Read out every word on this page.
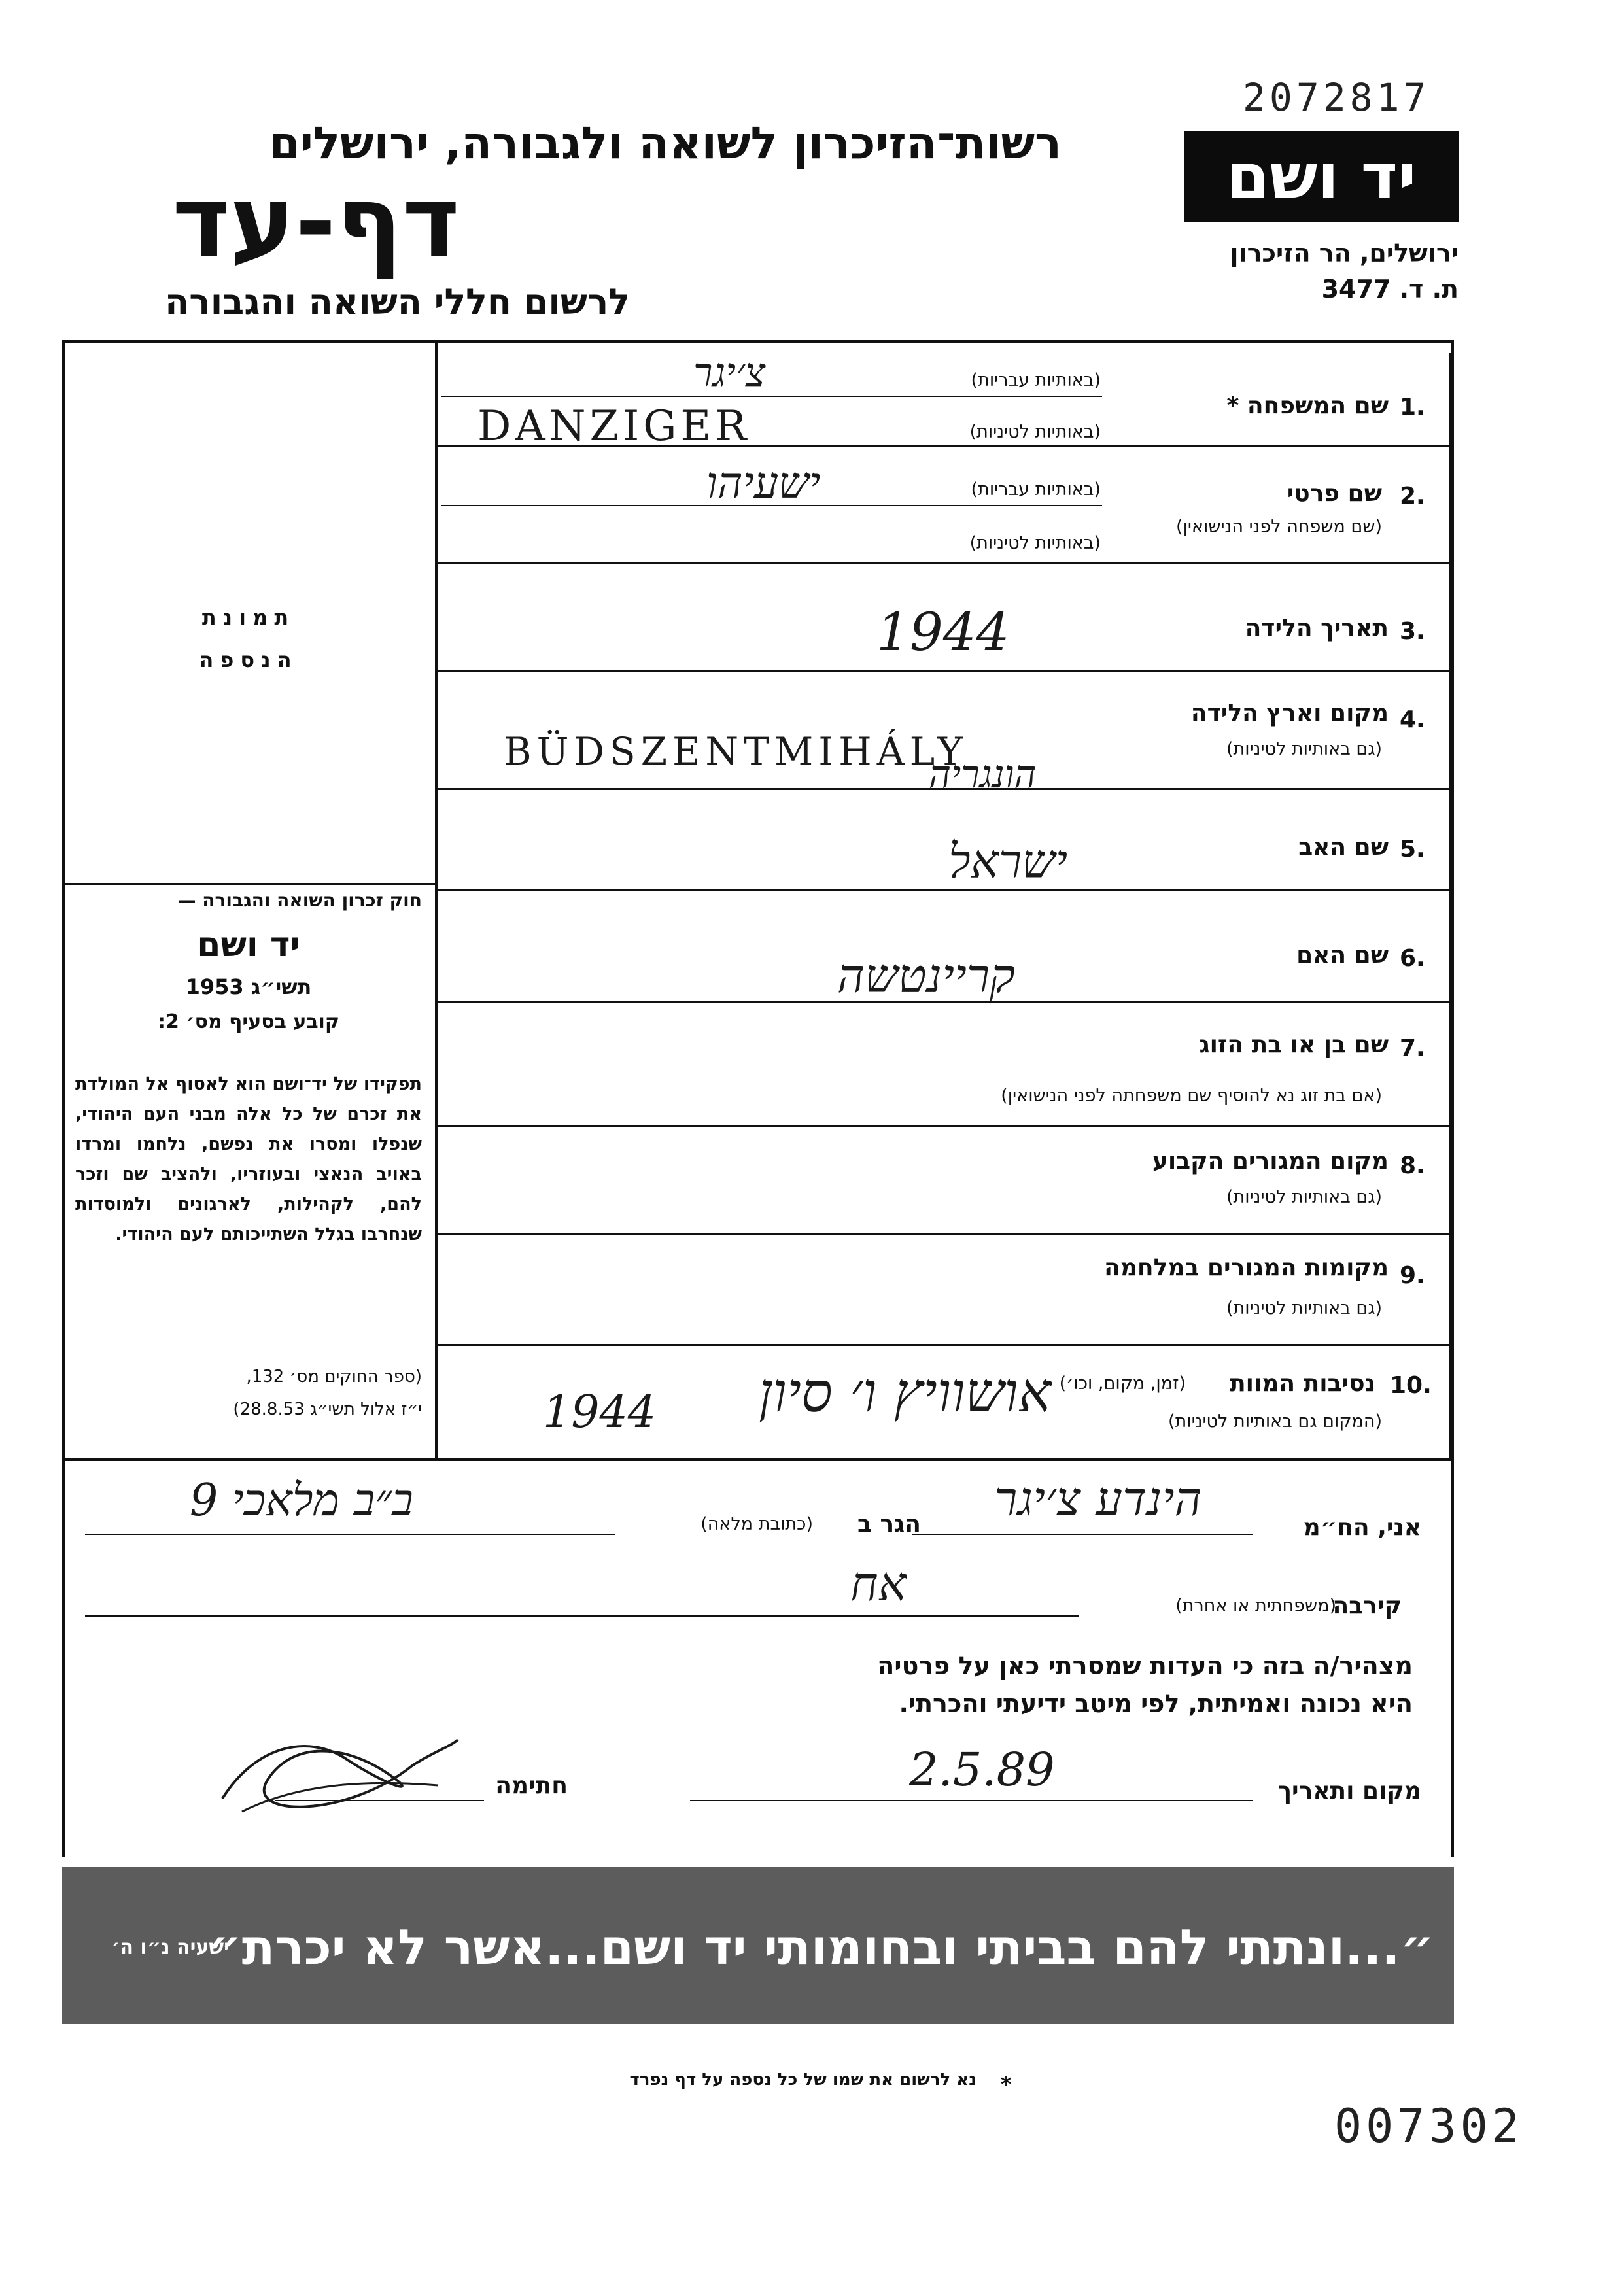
2072817
רשות־הזיכרון לשואה ולגבורה, ירושלים
דף-עד
לרשום חללי השואה והגבורה
יד ושם
ירושלים, הר הזיכרון
ת. ד. 3477
תמונת
הנספה
חוק זכרון השואה והגבורה —
יד ושם
תשי״ג 1953
קובע בסעיף מס׳ 2:
תפקידו של יד־ושם הוא לאסוף אל המולדת את זכרם של כל אלה מבני העם היהודי, שנפלו ומסרו את נפשם, נלחמו ומרדו באויב הנאצי ובעוזריו, ולהציב שם וזכר להם, לקהילות, לארגונים ולמוסדות שנחרבו בגלל השתייכותם לעם היהודי.
(ספר החוקים מס׳ 132,
י״ז אלול תשי״ג 28.8.53)
1.
שם המשפחה *
(באותיות עבריות)
(באותיות לטיניות)
2.
שם פרטי
(שם משפחה לפני הנישואין)
(באותיות עבריות)
(באותיות לטיניות)
3.
תאריך הלידה
4.
מקום וארץ הלידה
(גם באותיות לטיניות)
5.
שם האב
6.
שם האם
7.
שם בן או בת הזוג
(אם בת זוג נא להוסיף שם משפחתה לפני הנישואין)
8.
מקום המגורים הקבוע
(גם באותיות לטיניות)
9.
מקומות המגורים במלחמה
(גם באותיות לטיניות)
10.
נסיבות המוות
(זמן, מקום, וכו׳)
(המקום גם באותיות לטיניות)
צ׳יגר
DANZIGER
ישעיהו
1944
BÜDSZENTMIHÁLY
הונגריה
ישראל
קריינטשה
אושוויץ ו׳ סיון
1944
אני, הח״מ
הינדע צ׳יגר
הגר ב
(כתובת מלאה)
ב״ב מלאכי 9
קירבה
(משפחתית או אחרת)
אח
מצהיר/ה בזה כי העדות שמסרתי כאן על פרטיה
היא נכונה ואמיתית, לפי מיטב ידיעתי והכרתי.
מקום ותאריך
2.5.89
חתימה
״...ונתתי להם בביתי ובחומותי יד ושם...אשר לא יכרת״
ישעיה נ״ו ה׳
*
נא לרשום את שמו של כל נספה על דף נפרד
007302
